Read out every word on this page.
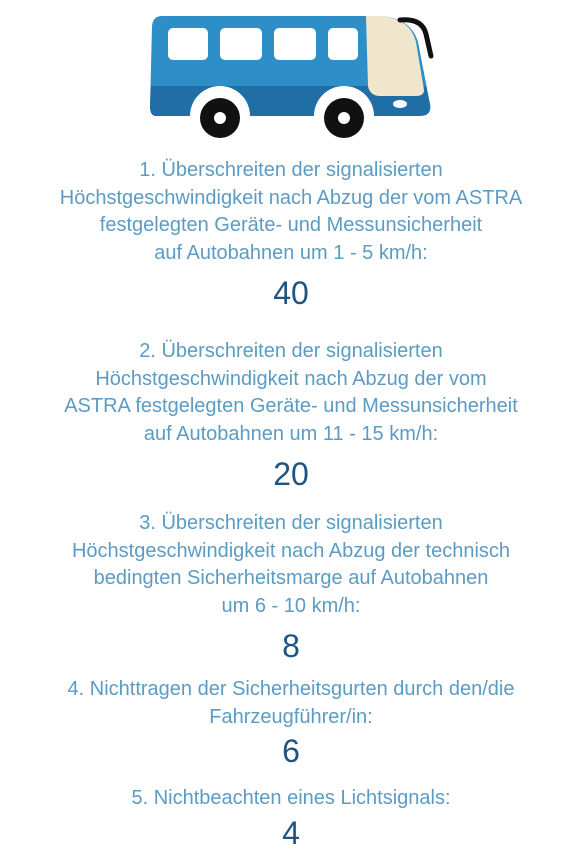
1. Überschreiten der signalisierten
Höchstgeschwindigkeit nach Abzug der vom ASTRA
festgelegten Geräte- und Messunsicherheit
auf Autobahnen um 1 - 5 km/h:
40
2. Überschreiten der signalisierten
Höchstgeschwindigkeit nach Abzug der vom
ASTRA festgelegten Geräte- und Messunsicherheit
auf Autobahnen um 11 - 15 km/h:
20
3. Überschreiten der signalisierten
Höchstgeschwindigkeit nach Abzug der technisch
bedingten Sicherheitsmarge auf Autobahnen
um 6 - 10 km/h:
8
4. Nichttragen der Sicherheitsgurten durch den/die
Fahrzeugführer/in:
6
5. Nichtbeachten eines Lichtsignals:
4
